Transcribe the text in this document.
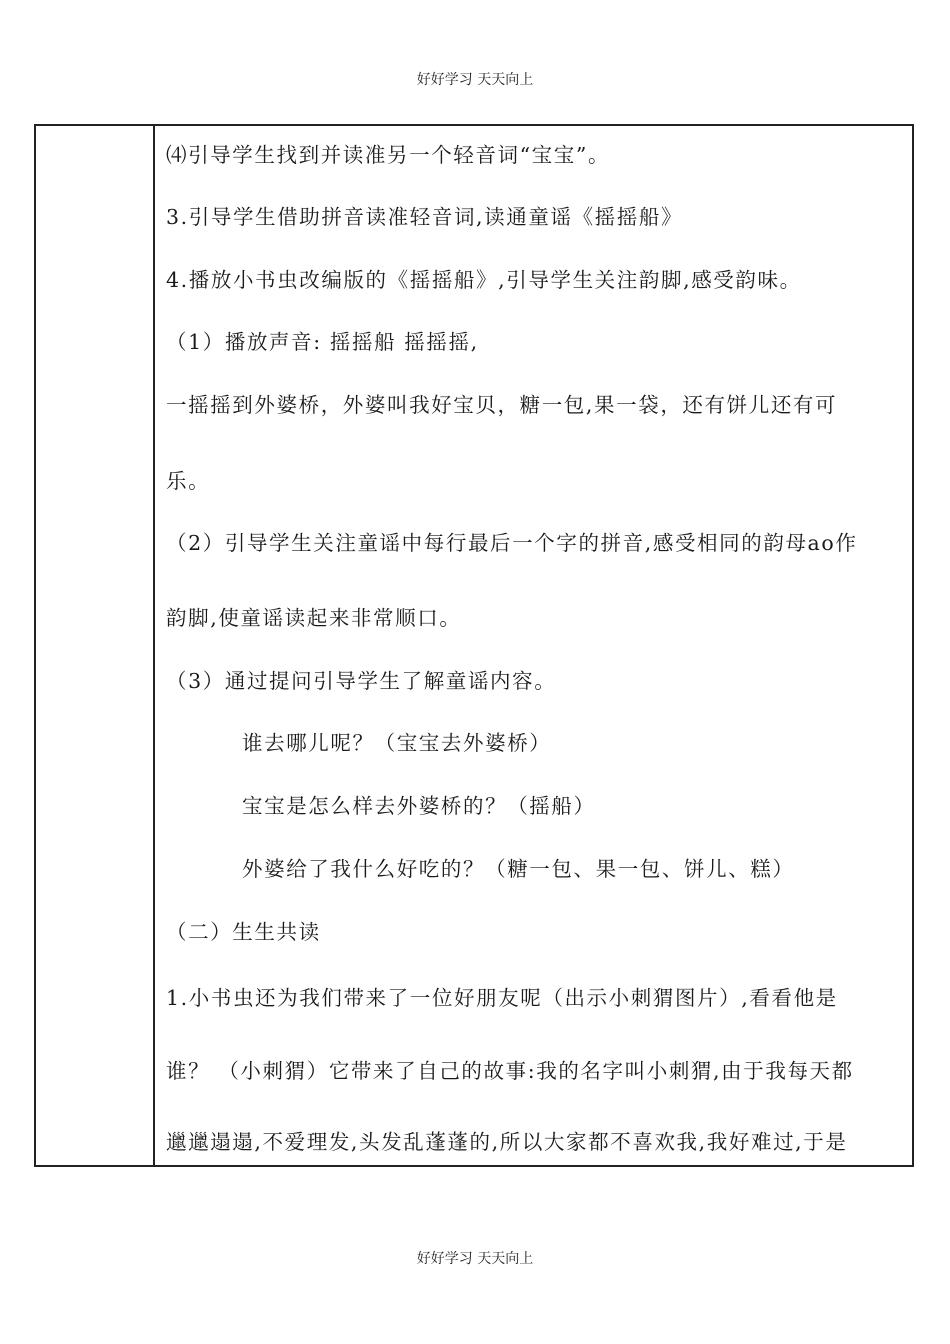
好好学习 天天向上
⑷引导学生找到并读准另一个轻音词“宝宝”。
3.引导学生借助拼音读准轻音词,读通童谣《摇摇船》
4.播放小书虫改编版的《摇摇船》,引导学生关注韵脚,感受韵味。
（1）播放声音: 摇摇船 摇摇摇,
一摇摇到外婆桥，外婆叫我好宝贝，糖一包,果一袋，还有饼儿还有可
乐。
（2）引导学生关注童谣中每行最后一个字的拼音,感受相同的韵母ao作
韵脚,使童谣读起来非常顺口。
（3）通过提问引导学生了解童谣内容。
谁去哪儿呢？（宝宝去外婆桥）
宝宝是怎么样去外婆桥的？（摇船）
外婆给了我什么好吃的？（糖一包、果一包、饼儿、糕）
（二）生生共读
1.小书虫还为我们带来了一位好朋友呢（出示小刺猬图片）,看看他是
谁？ （小刺猬）它带来了自己的故事:我的名字叫小刺猬,由于我每天都
邋邋遢遢,不爱理发,头发乱蓬蓬的,所以大家都不喜欢我,我好难过,于是
好好学习 天天向上
